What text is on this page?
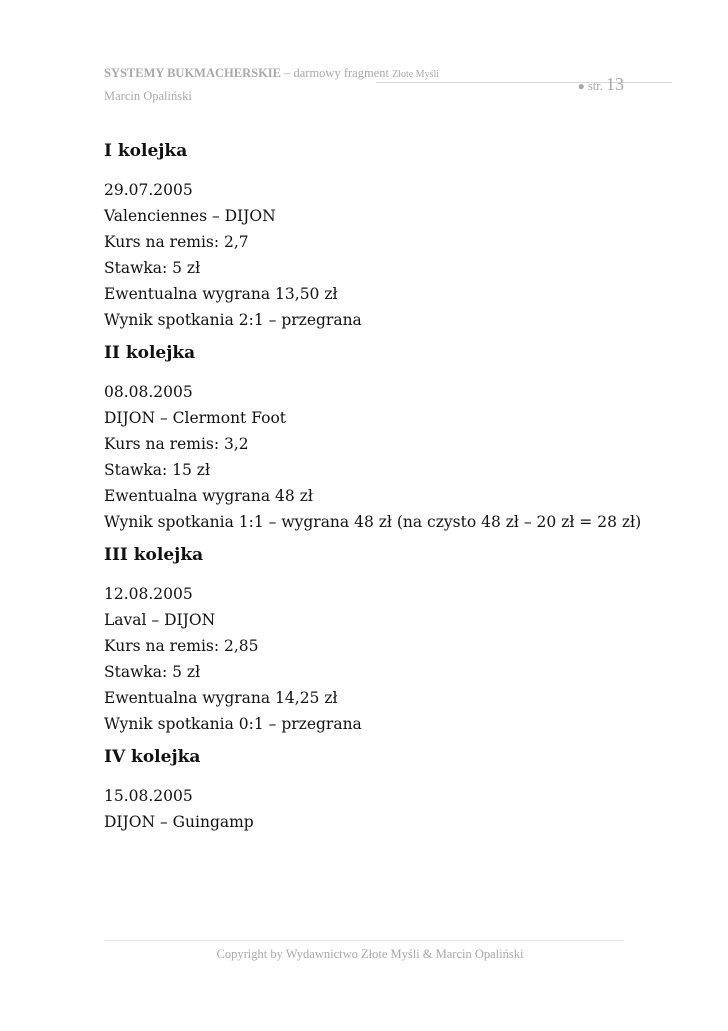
SYSTEMY BUKMACHERSKIE – darmowy fragment Złote Myśli
Marcin Opaliński
● str. 13
I kolejka
29.07.2005
Valenciennes – DIJON
Kurs na remis: 2,7
Stawka: 5 zł
Ewentualna wygrana 13,50 zł
Wynik spotkania 2:1 – przegrana
II kolejka
08.08.2005
DIJON – Clermont Foot
Kurs na remis: 3,2
Stawka: 15 zł
Ewentualna wygrana 48 zł
Wynik spotkania 1:1 – wygrana 48 zł (na czysto 48 zł – 20 zł = 28 zł)
III kolejka
12.08.2005
Laval – DIJON
Kurs na remis: 2,85
Stawka: 5 zł
Ewentualna wygrana 14,25 zł
Wynik spotkania 0:1 – przegrana
IV kolejka
15.08.2005
DIJON – Guingamp
Copyright by Wydawnictwo Złote Myśli & Marcin Opaliński
